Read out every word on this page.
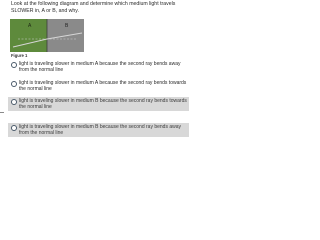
Look at the following diagram and determine which medium light travels SLOWER in, A or B, and why.
A	B
Figure 1
light is traveling slower in medium A because the second ray bends away from the normal line
light is traveling slower in medium A because the second ray bends towards the normal line
light is traveling slower in medium B because the second ray bends towards the normal line
light is traveling slower in medium B because the second ray bends away from the normal line
